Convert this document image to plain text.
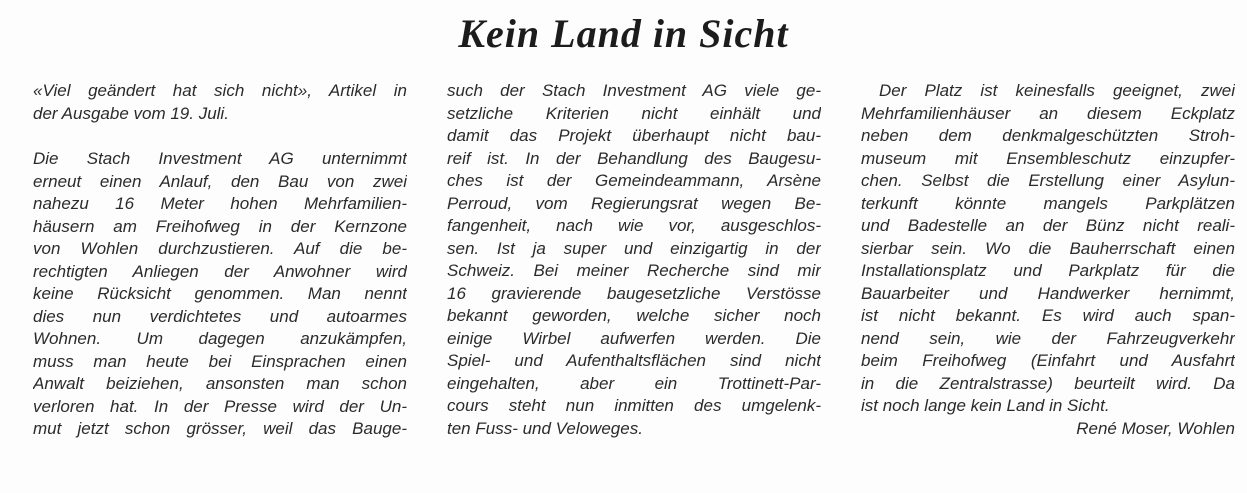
Kein Land in Sicht
«Viel geändert hat sich nicht», Artikel in
der Ausgabe vom 19. Juli.
Die Stach Investment AG unternimmt
erneut einen Anlauf, den Bau von zwei
nahezu 16 Meter hohen Mehrfamilien-
häusern am Freihofweg in der Kernzone
von Wohlen durchzustieren. Auf die be-
rechtigten Anliegen der Anwohner wird
keine Rücksicht genommen. Man nennt
dies nun verdichtetes und autoarmes
Wohnen. Um dagegen anzukämpfen,
muss man heute bei Einsprachen einen
Anwalt beiziehen, ansonsten man schon
verloren hat. In der Presse wird der Un-
mut jetzt schon grösser, weil das Bauge-
such der Stach Investment AG viele ge-
setzliche Kriterien nicht einhält und
damit das Projekt überhaupt nicht bau-
reif ist. In der Behandlung des Baugesu-
ches ist der Gemeindeammann, Arsène
Perroud, vom Regierungsrat wegen Be-
fangenheit, nach wie vor, ausgeschlos-
sen. Ist ja super und einzigartig in der
Schweiz. Bei meiner Recherche sind mir
16 gravierende baugesetzliche Verstösse
bekannt geworden, welche sicher noch
einige Wirbel aufwerfen werden. Die
Spiel- und Aufenthaltsflächen sind nicht
eingehalten, aber ein Trottinett-Par-
cours steht nun inmitten des umgelenk-
ten Fuss- und Veloweges.
Der Platz ist keinesfalls geeignet, zwei
Mehrfamilienhäuser an diesem Eckplatz
neben dem denkmalgeschützten Stroh-
museum mit Ensembleschutz einzupfer-
chen. Selbst die Erstellung einer Asylun-
terkunft könnte mangels Parkplätzen
und Badestelle an der Bünz nicht reali-
sierbar sein. Wo die Bauherrschaft einen
Installationsplatz und Parkplatz für die
Bauarbeiter und Handwerker hernimmt,
ist nicht bekannt. Es wird auch span-
nend sein, wie der Fahrzeugverkehr
beim Freihofweg (Einfahrt und Ausfahrt
in die Zentralstrasse) beurteilt wird. Da
ist noch lange kein Land in Sicht.
René Moser, Wohlen
